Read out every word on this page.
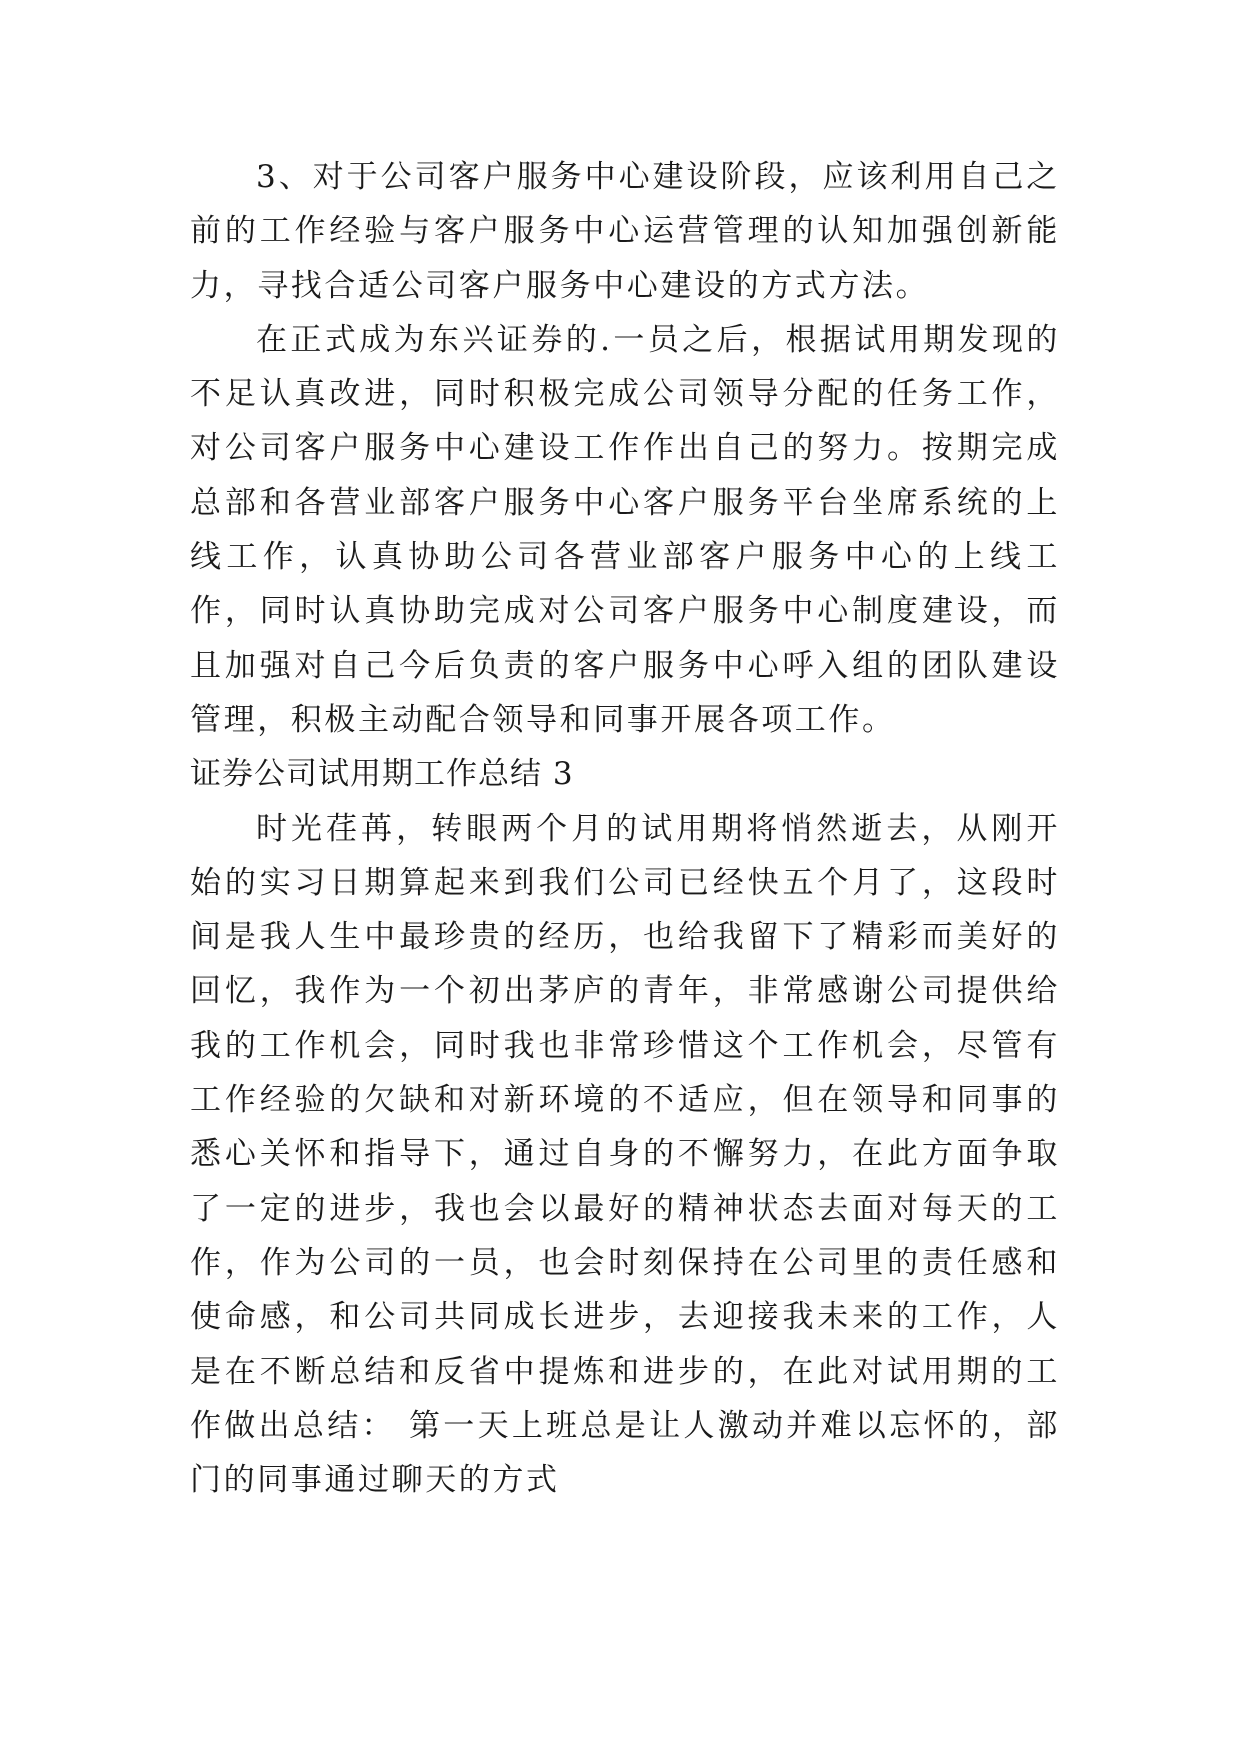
3、对于公司客户服务中心建设阶段，应该利用自己之前的工作经验与客户服务中心运营管理的认知加强创新能力，寻找合适公司客户服务中心建设的方式方法。

在正式成为东兴证券的.一员之后，根据试用期发现的不足认真改进，同时积极完成公司领导分配的任务工作，对公司客户服务中心建设工作作出自己的努力。按期完成总部和各营业部客户服务中心客户服务平台坐席系统的上线工作，认真协助公司各营业部客户服务中心的上线工作，同时认真协助完成对公司客户服务中心制度建设，而且加强对自己今后负责的客户服务中心呼入组的团队建设管理，积极主动配合领导和同事开展各项工作。

证券公司试用期工作总结 3

时光荏苒，转眼两个月的试用期将悄然逝去，从刚开始的实习日期算起来到我们公司已经快五个月了，这段时间是我人生中最珍贵的经历，也给我留下了精彩而美好的回忆，我作为一个初出茅庐的青年，非常感谢公司提供给我的工作机会，同时我也非常珍惜这个工作机会，尽管有工作经验的欠缺和对新环境的不适应，但在领导和同事的悉心关怀和指导下，通过自身的不懈努力，在此方面争取了一定的进步，我也会以最好的精神状态去面对每天的工作，作为公司的一员，也会时刻保持在公司里的责任感和使命感，和公司共同成长进步，去迎接我未来的工作，人是在不断总结和反省中提炼和进步的，在此对试用期的工作做出总结： 第一天上班总是让人激动并难以忘怀的，部门的同事通过聊天的方式
